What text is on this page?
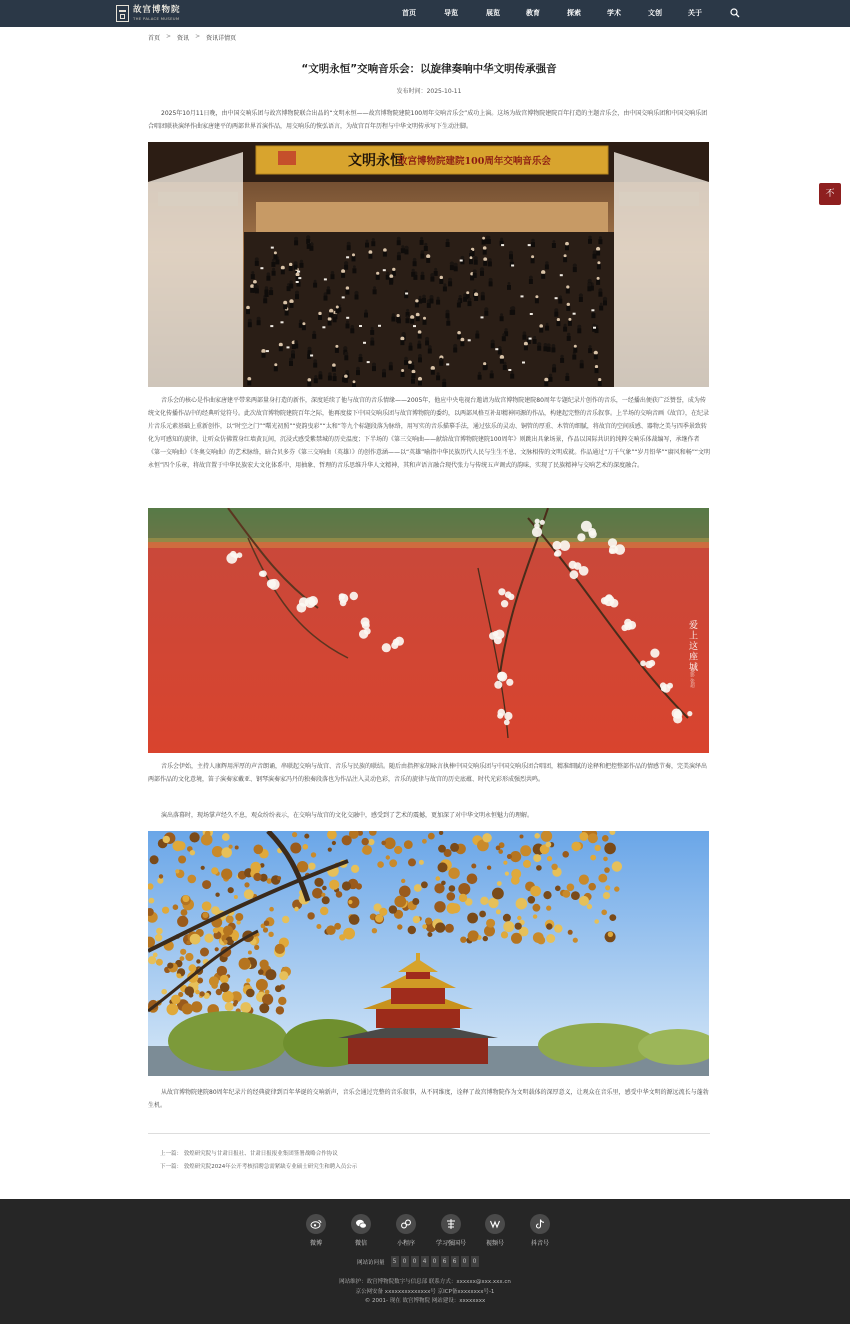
故宫博物院
THE PALACE MUSEUM
首页	导览	展览	教育	探索	学术	文创	关于
首页 > 资讯 > 资讯详情页
“文明永恒”交响音乐会：以旋律奏响中华文明传承强音
发布时间：2025-10-11

2025年10月11日晚，由中国交响乐团与故宫博物院联合出品的“文明永恒——故宫博物院建院100周年交响音乐会”成功上演。这场为故宫博物院建院百年打造的主题音乐会，由中国交响乐团和中国交响乐团合唱团联袂演绎作曲家唐建平的两部世界首演作品，用交响乐的恢弘语言，为故宫百年历程与中华文明传承写下生动注脚。

文明永恒
故宫博物院建院100周年交响音乐会

音乐会的核心是作曲家唐建平带来两部量身打造的新作，深度延续了他与故宫的音乐情缘——2005年，他应中央电视台邀请为故宫博物院建院80周年专题纪录片创作的音乐，一经播出便获广泛赞誉，成为传统文化传播作品中的经典听觉符号。此次故宫博物院建院百年之际，他再度接下中国交响乐团与故宫博物院的委约，以两部风格互补却精神同源的作品，构建起完整的音乐叙事。上半场的交响音画《故宫》，在纪录片音乐元素基础上重新创作，以“时空之门”“曙光初照”“瓷韵曳彩”“太和”等九个标题段落为脉络，用写实的音乐描摹手法，通过弦乐的灵动、铜管的厚重、木管的细腻，将故宫的空间质感、器物之美与四季景致转化为可感知的旋律，让听众仿佛置身红墙黄瓦间，沉浸式感受紫禁城的历史温度；下半场的《第三交响曲——献给故宫博物院建院100周年》则跳出具象场景，作品以国际共识的纯粹交响乐体裁编写，承继作者《第一交响曲》《冬奥交响曲》的艺术脉络，暗合贝多芬《第三交响曲（英雄）》的创作意涵——以“英雄”喻指中华民族历代人民与生生不息、文脉相传的文明成就。作品通过“万千气象”“岁月铅华”“赓风和畅”“文明永恒”四个乐章，将故宫置于中华民族宏大文化体系中，用抽象、哲理的音乐思维升华人文精神，其和声语言融合现代张力与传统五声调式的韵味，实现了民族精神与交响艺术的深度融合。

爱上这座城
摄影 张超

音乐会伊始，主持人康辉用浑厚的声音朗诵，串联起交响与故宫、音乐与民族的联结。随后由指挥家胡咏言执棒中国交响乐团与中国交响乐团合唱团，精准细腻的诠释和把控整部作品的情感节奏，完美演绎出两部作品的文化意境，笛子演奏家戴亚、钢琴演奏家冯丹的独奏段落也为作品注入灵动色彩，音乐的旋律与故宫的历史底蕴、时代光彩形成强烈共鸣。

演出落幕时，现场掌声经久不息，观众纷纷表示，在交响与故宫的文化交融中，感受到了艺术的震撼，更加深了对中华文明永恒魅力的理解。

从故宫博物院建院80周年纪录片的经典旋律到百年华诞的交响新声，音乐会通过完整的音乐叙事，从不同维度，诠释了故宫博物院作为文明载体的深厚意义，让观众在音乐里，感受中华文明的源远流长与蓬勃生机。

不
上一篇： 敦煌研究院与甘肃日报社、甘肃日报报业集团签署战略合作协议
下一篇： 敦煌研究院2024年公开考核招聘急需紧缺专业硕士研究生和聘入员公示
微博	微信	小程序	学习强国号	视频号	抖音号
网站访问量	5	0	0	4	0	6	6	0	0
网站维护：故宫博物院数字与信息部 联系方式：xxxxxx@xxx.xxx.cn
京公网安备 xxxxxxxxxxxxxx号 京ICP备xxxxxxxx号-1
© 2001- 现在 故宫博物院 网站建设：xxxxxxxx
